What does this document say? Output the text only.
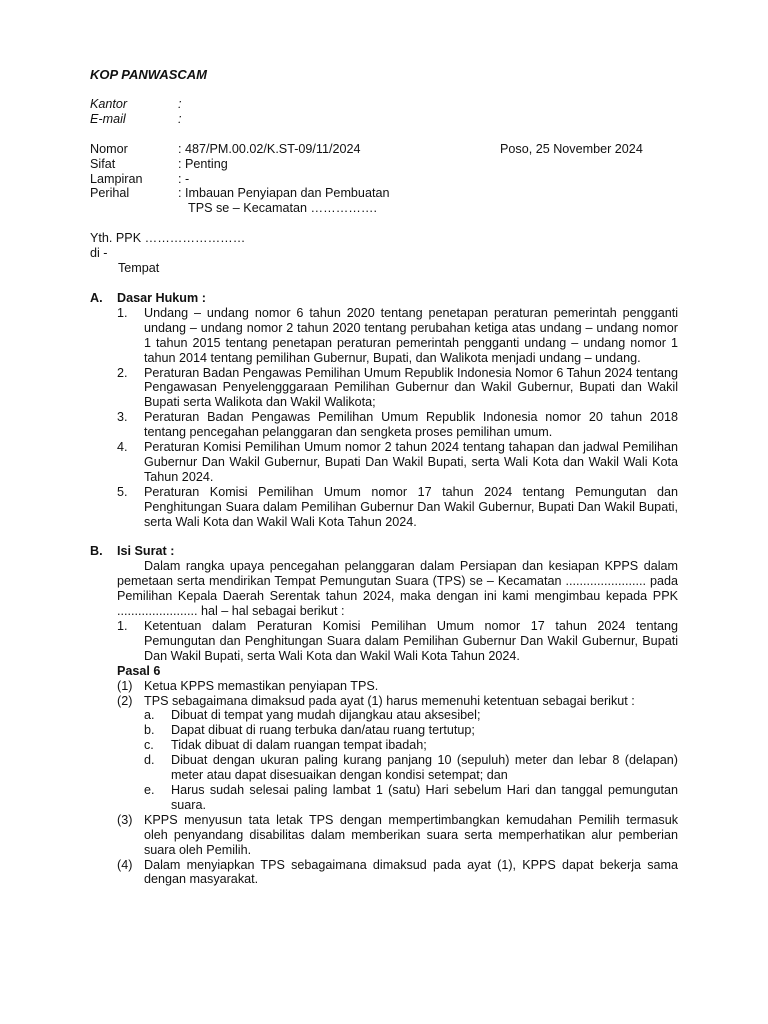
KOP PANWASCAM
Kantor	:
E-mail	:
Nomor	: 487/PM.00.02/K.ST-09/11/2024	Poso, 25 November 2024
Sifat	: Penting
Lampiran	: -
Perihal	: Imbauan Penyiapan dan Pembuatan
TPS se – Kecamatan …………….
Yth. PPK ……………………
di -
Tempat
A.	Dasar Hukum :
1.	Undang – undang nomor 6 tahun 2020 tentang penetapan peraturan pemerintah pengganti undang – undang nomor 2 tahun 2020 tentang perubahan ketiga atas undang – undang nomor 1 tahun 2015 tentang penetapan peraturan pemerintah pengganti undang – undang nomor 1 tahun 2014 tentang pemilihan Gubernur, Bupati, dan Walikota menjadi undang – undang.
2.	Peraturan Badan Pengawas Pemilihan Umum Republik Indonesia Nomor 6 Tahun 2024 tentang Pengawasan Penyelengggaraan Pemilihan Gubernur dan Wakil Gubernur, Bupati dan Wakil Bupati serta Walikota dan Wakil Walikota;
3.	Peraturan Badan Pengawas Pemilihan Umum Republik Indonesia nomor 20 tahun 2018 tentang pencegahan pelanggaran dan sengketa proses pemilihan umum.
4.	Peraturan Komisi Pemilihan Umum nomor 2 tahun 2024 tentang tahapan dan jadwal Pemilihan Gubernur Dan Wakil Gubernur, Bupati Dan Wakil Bupati, serta Wali Kota dan Wakil Wali Kota Tahun 2024.
5.	Peraturan Komisi Pemilihan Umum nomor 17 tahun 2024 tentang Pemungutan dan Penghitungan Suara dalam Pemilihan Gubernur Dan Wakil Gubernur, Bupati Dan Wakil Bupati, serta Wali Kota dan Wakil Wali Kota Tahun 2024.
B.	Isi Surat :
Dalam rangka upaya pencegahan pelanggaran dalam Persiapan dan kesiapan KPPS dalam pemetaan serta mendirikan Tempat Pemungutan Suara (TPS) se – Kecamatan ....................... pada Pemilihan Kepala Daerah Serentak tahun 2024, maka dengan ini kami mengimbau kepada PPK ....................... hal – hal sebagai berikut :
1.	Ketentuan dalam Peraturan Komisi Pemilihan Umum nomor 17 tahun 2024 tentang Pemungutan dan Penghitungan Suara dalam Pemilihan Gubernur Dan Wakil Gubernur, Bupati Dan Wakil Bupati, serta Wali Kota dan Wakil Wali Kota Tahun 2024.
Pasal 6
(1) Ketua KPPS memastikan penyiapan TPS.
(2) TPS sebagaimana dimaksud pada ayat (1) harus memenuhi ketentuan sebagai berikut :
a.	Dibuat di tempat yang mudah dijangkau atau aksesibel;
b.	Dapat dibuat di ruang terbuka dan/atau ruang tertutup;
c.	Tidak dibuat di dalam ruangan tempat ibadah;
d.	Dibuat dengan ukuran paling kurang panjang 10 (sepuluh) meter dan lebar 8 (delapan) meter atau dapat disesuaikan dengan kondisi setempat; dan
e.	Harus sudah selesai paling lambat 1 (satu) Hari sebelum Hari dan tanggal pemungutan suara.
(3) KPPS menyusun tata letak TPS dengan mempertimbangkan kemudahan Pemilih termasuk oleh penyandang disabilitas dalam memberikan suara serta memperhatikan alur pemberian suara oleh Pemilih.
(4) Dalam menyiapkan TPS sebagaimana dimaksud pada ayat (1), KPPS dapat bekerja sama dengan masyarakat.
